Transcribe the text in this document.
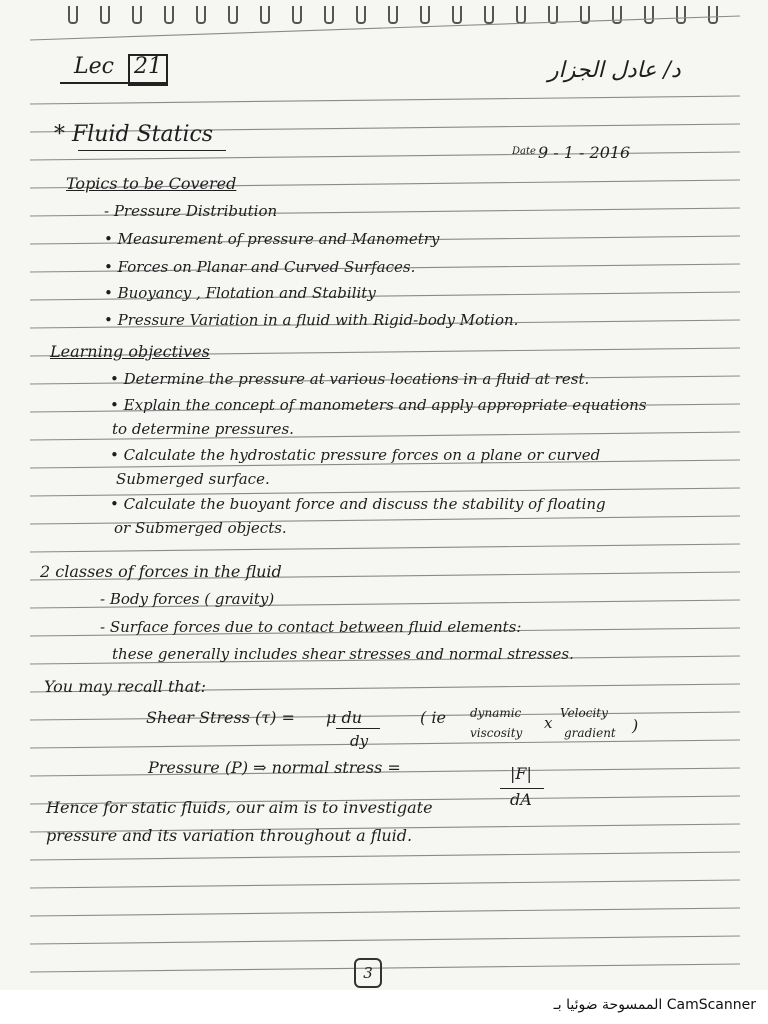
Lec 21	د/ عادل الجزار
* Fluid Statics
Date 9 - 1 - 2016
Topics to be Covered
- Pressure Distribution
• Measurement of pressure and Manometry
• Forces on Planar and Curved Surfaces.
• Buoyancy , Flotation and Stability
• Pressure Variation in a fluid with Rigid-body Motion.
Learning objectives
• Determine the pressure at various locations in a fluid at rest.
• Explain the concept of manometers and apply appropriate equations
to determine pressures.
• Calculate the hydrostatic pressure forces on a plane or curved
Submerged surface.
• Calculate the buoyant force and discuss the stability of floating
or Submerged objects.
2 classes of forces in the fluid
- Body forces ( gravity)
- Surface forces due to contact between fluid elements:
these generally includes shear stresses and normal stresses.
You may recall that:
Shear Stress (τ) = μ du
dy
( ie dynamic
viscosity
x
Velocity
gradient )
Pressure (P) ⇒ normal stress =	|F|
dA
Hence for static fluids, our aim is to investigate
pressure and its variation throughout a fluid.
3
CamScanner الممسوحة ضوئيا بـ
